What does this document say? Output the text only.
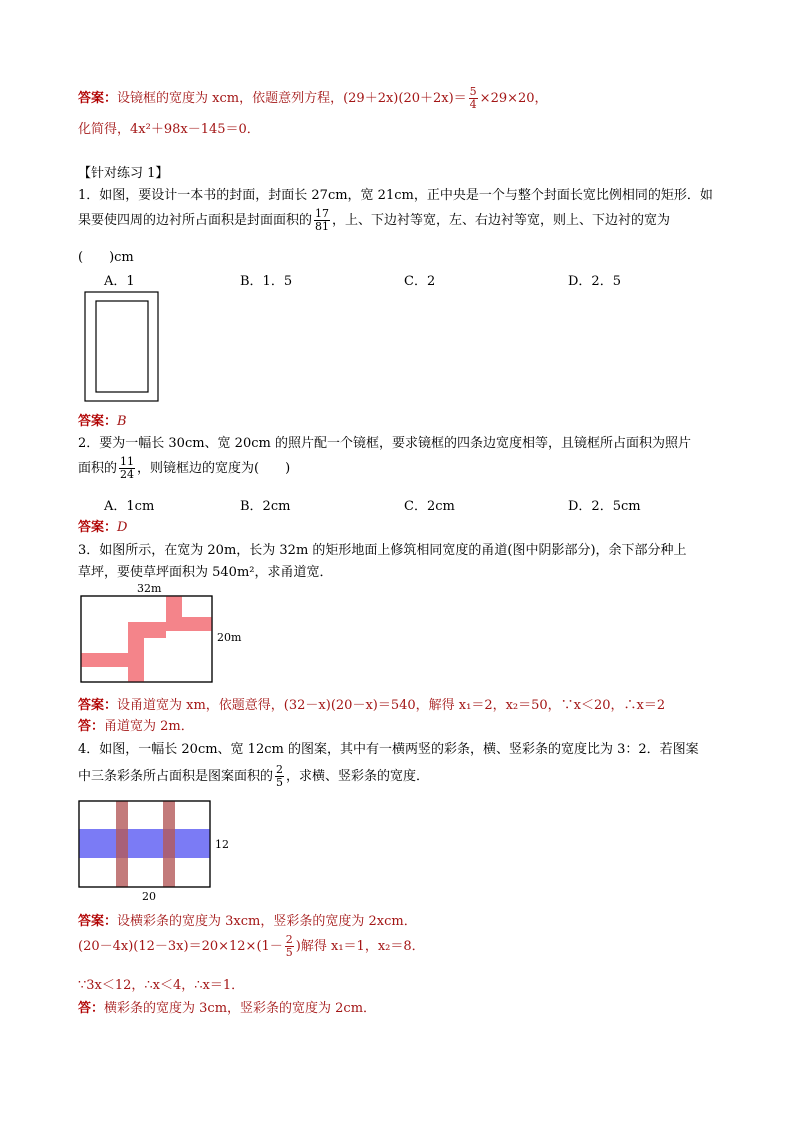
答案：设镜框的宽度为 xcm，依题意列方程，$(29+2x)(20+2x)= \frac{5}{4} \times 29\times 20$，
化简得，4x²＋98x－145＝0．
【针对练习 1】
1．如图，要设计一本书的封面，封面长 27cm，宽 21cm，正中央是一个与整个封面长宽比例相同的矩形．如
果要使四周的边衬所占面积是封面面积的 $\frac{17}{81}$ ，上、下边衬等宽，左、右边衬等宽，则上、下边衬的宽为
(　　)cm
A．1	B．1．5	C．2	D．2．5
答案：B
2．要为一幅长 30cm、宽 20cm 的照片配一个镜框，要求镜框的四条边宽度相等，且镜框所占面积为照片
面积的 $\frac{11}{24}$ ，则镜框边的宽度为(　　)
A．1cm	B．2cm	C．2cm	D．2．5cm
答案：D
3．如图所示，在宽为 20m，长为 32m 的矩形地面上修筑相同宽度的甬道(图中阴影部分)，余下部分种上
草坪，要使草坪面积为 540m²，求甬道宽．
32m
20m
答案：设甬道宽为 xm，依题意得，(32－x)(20－x)＝540，解得 x₁＝2，x₂＝50，∵x＜20，∴x＝2
答：甬道宽为 2m．
4．如图，一幅长 20cm、宽 12cm 的图案，其中有一横两竖的彩条，横、竖彩条的宽度比为 3：2．若图案
中三条彩条所占面积是图案面积的 $\frac{2}{5}$ ，求横、竖彩条的宽度．
12
20
答案：设横彩条的宽度为 3xcm，竖彩条的宽度为 2xcm．
$(20-4x)(12-3x)=20\times 12\times(1- \frac{2}{5}$ )解得 x₁＝1，x₂＝8．
∵3x＜12，∴x＜4，∴x＝1．
答：横彩条的宽度为 3cm，竖彩条的宽度为 2cm．
